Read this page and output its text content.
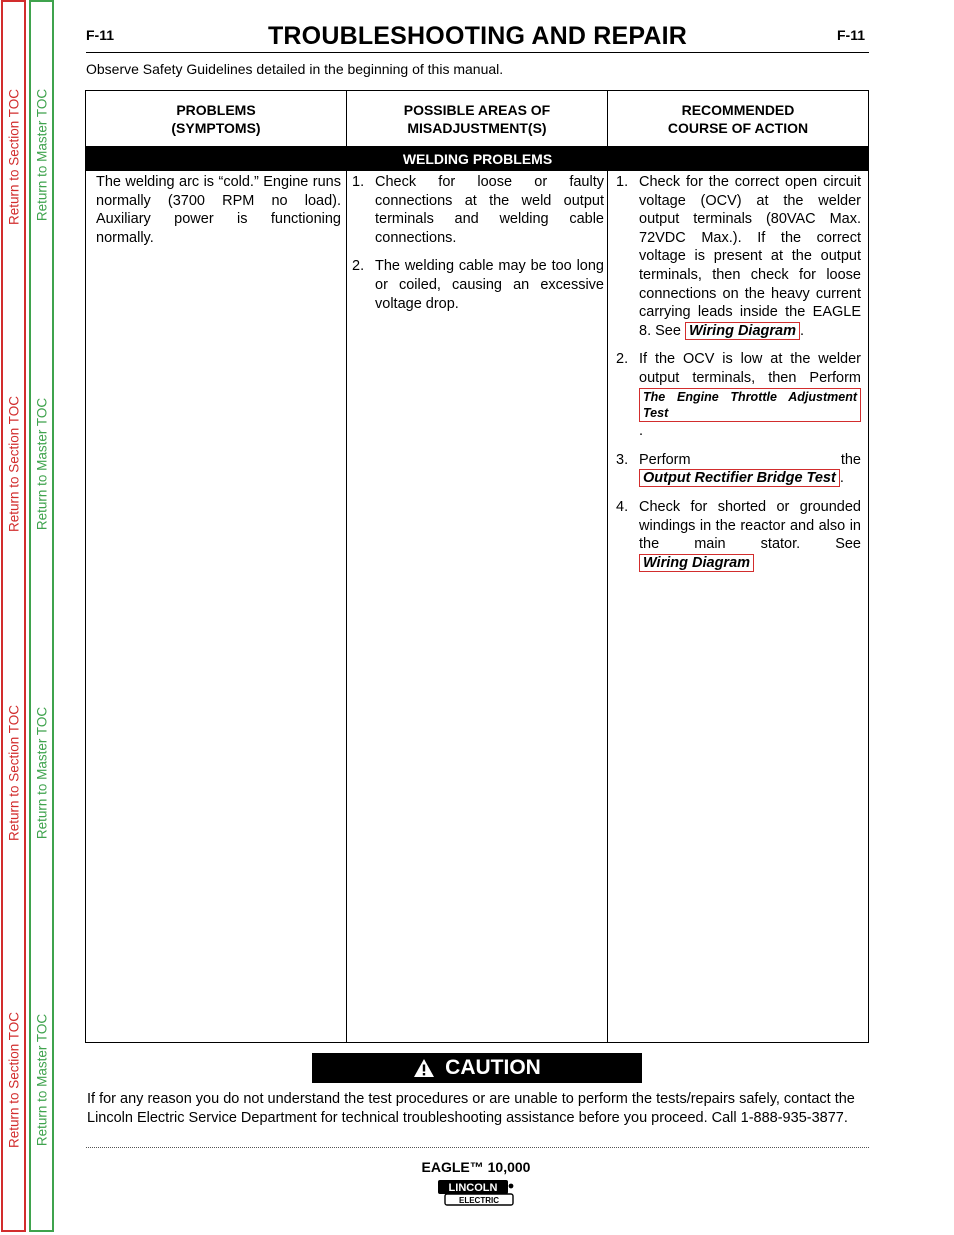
Return to Section TOC
Return to Section TOC
Return to Section TOC
Return to Section TOC
Return to Master TOC
Return to Master TOC
Return to Master TOC
Return to Master TOC
F-11	TROUBLESHOOTING AND REPAIR	F-11
Observe Safety Guidelines detailed in the beginning of this manual.
PROBLEMS
(SYMPTOMS)
POSSIBLE AREAS OF
MISADJUSTMENT(S)
RECOMMENDED
COURSE OF ACTION
WELDING PROBLEMS
The welding arc is “cold.” Engine runs normally (3700 RPM no load). Auxiliary power is functioning normally.
1. Check for loose or faulty connections at the weld output terminals and welding cable connections.
2. The welding cable may be too long or coiled, causing an excessive voltage drop.
1. Check for the correct open circuit voltage (OCV) at the welder output terminals (80VAC Max. 72VDC Max.). If the correct voltage is present at the output terminals, then check for loose connections on the heavy current carrying leads inside the EAGLE 8. See Wiring Diagram .
2. If the OCV is low at the welder output terminals, then Perform The Engine Throttle Adjustment Test.
3. Perform the Output Rectifier Bridge Test .
4. Check for shorted or grounded windings in the reactor and also in the main stator. See Wiring Diagram
CAUTION
If for any reason you do not understand the test procedures or are unable to perform the tests/repairs safely, contact the Lincoln Electric Service Department for technical troubleshooting assistance before you proceed. Call 1-888-935-3877.
EAGLE™ 10,000
LINCOLN
ELECTRIC
